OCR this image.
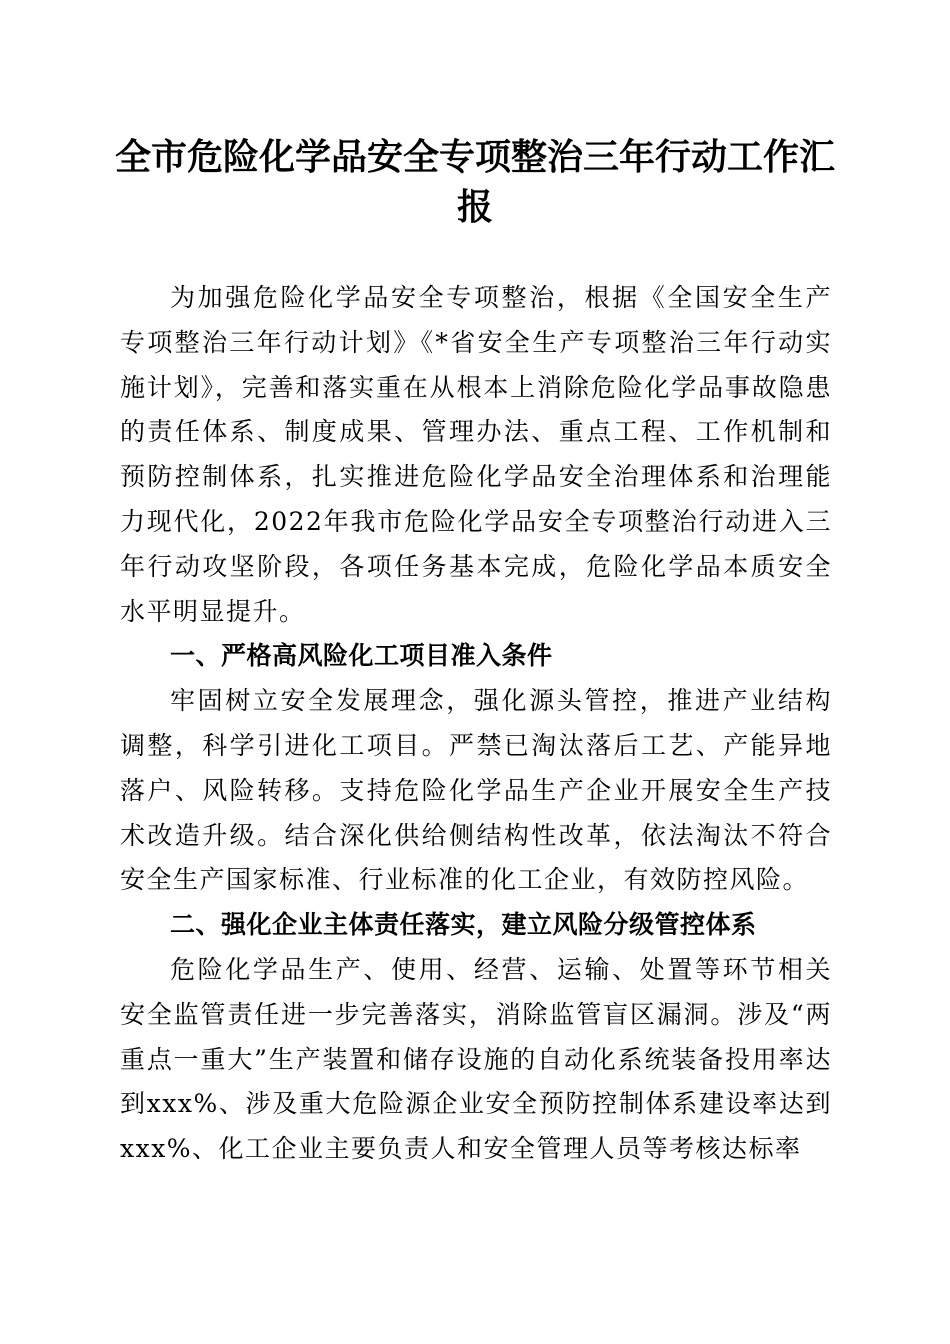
全市危险化学品安全专项整治三年行动工作汇报

为加强危险化学品安全专项整治，根据《全国安全生产专项整治三年行动计划》《*省安全生产专项整治三年行动实施计划》，完善和落实重在从根本上消除危险化学品事故隐患的责任体系、制度成果、管理办法、重点工程、工作机制和预防控制体系，扎实推进危险化学品安全治理体系和治理能力现代化，2022年我市危险化学品安全专项整治行动进入三年行动攻坚阶段，各项任务基本完成，危险化学品本质安全水平明显提升。

一、严格高风险化工项目准入条件

牢固树立安全发展理念，强化源头管控，推进产业结构调整，科学引进化工项目。严禁已淘汰落后工艺、产能异地落户、风险转移。支持危险化学品生产企业开展安全生产技术改造升级。结合深化供给侧结构性改革，依法淘汰不符合安全生产国家标准、行业标准的化工企业，有效防控风险。

二、强化企业主体责任落实，建立风险分级管控体系

危险化学品生产、使用、经营、运输、处置等环节相关安全监管责任进一步完善落实，消除监管盲区漏洞。涉及“两重点一重大”生产装置和储存设施的自动化系统装备投用率达到xxx%、涉及重大危险源企业安全预防控制体系建设率达到xxx%、化工企业主要负责人和安全管理人员等考核达标率
